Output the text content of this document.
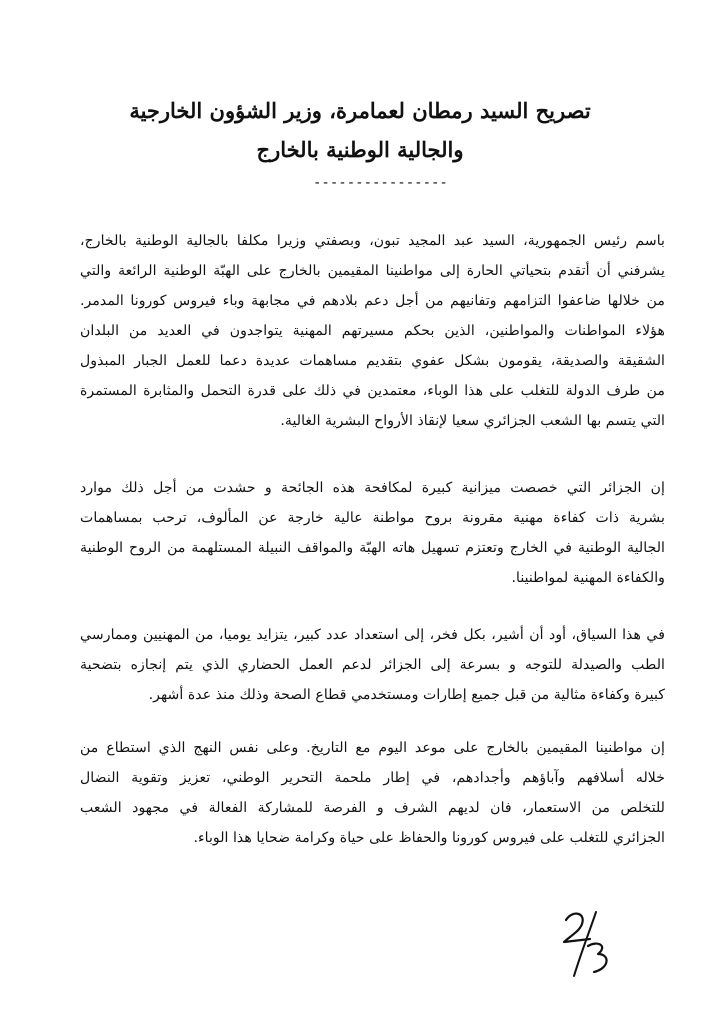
تصريح السيد رمطان لعمامرة، وزير الشؤون الخارجية
والجالية الوطنية بالخارج
----------------
باسم رئيس الجمهورية، السيد عبد المجيد تبون، وبصفتي وزيرا مكلفا بالجالية الوطنية بالخارج،
يشرفني أن أتقدم بتحياتي الحارة إلى مواطنينا المقيمين بالخارج على الهبّة الوطنية الرائعة والتي
من خلالها ضاعفوا التزامهم وتفانيهم من أجل دعم بلادهم في مجابهة وباء فيروس كورونا المدمر.
هؤلاء المواطنات والمواطنين، الذين بحكم مسيرتهم المهنية يتواجدون في العديد من البلدان
الشقيقة والصديقة، يقومون بشكل عفوي بتقديم مساهمات عديدة دعما للعمل الجبار المبذول
من طرف الدولة للتغلب على هذا الوباء، معتمدين في ذلك على قدرة التحمل والمثابرة المستمرة
التي يتسم بها الشعب الجزائري سعيا لإنقاذ الأرواح البشرية الغالية.
إن الجزائر التي خصصت ميزانية كبيرة لمكافحة هذه الجائحة و حشدت من أجل ذلك موارد
بشرية ذات كفاءة مهنية مقرونة بروح مواطنة عالية خارجة عن المألوف، ترحب بمساهمات
الجالية الوطنية في الخارج وتعتزم تسهيل هاته الهبّة والمواقف النبيلة المستلهمة من الروح الوطنية
والكفاءة المهنية لمواطنينا.
في هذا السياق، أود أن أشير، بكل فخر، إلى استعداد عدد كبير، يتزايد يوميا، من المهنيين وممارسي
الطب والصيدلة للتوجه و بسرعة إلى الجزائر لدعم العمل الحضاري الذي يتم إنجازه بتضحية
كبيرة وكفاءة مثالية من قبل جميع إطارات ومستخدمي قطاع الصحة وذلك منذ عدة أشهر.
إن مواطنينا المقيمين بالخارج على موعد اليوم مع التاريخ. وعلى نفس النهج الذي استطاع من
خلاله أسلافهم وآباؤهم وأجدادهم، في إطار ملحمة التحرير الوطني، تعزيز وتقوية النضال
للتخلص من الاستعمار، فان لديهم الشرف و الفرصة للمشاركة الفعالة في مجهود الشعب
الجزائري للتغلب على فيروس كورونا والحفاظ على حياة وكرامة ضحايا هذا الوباء.
